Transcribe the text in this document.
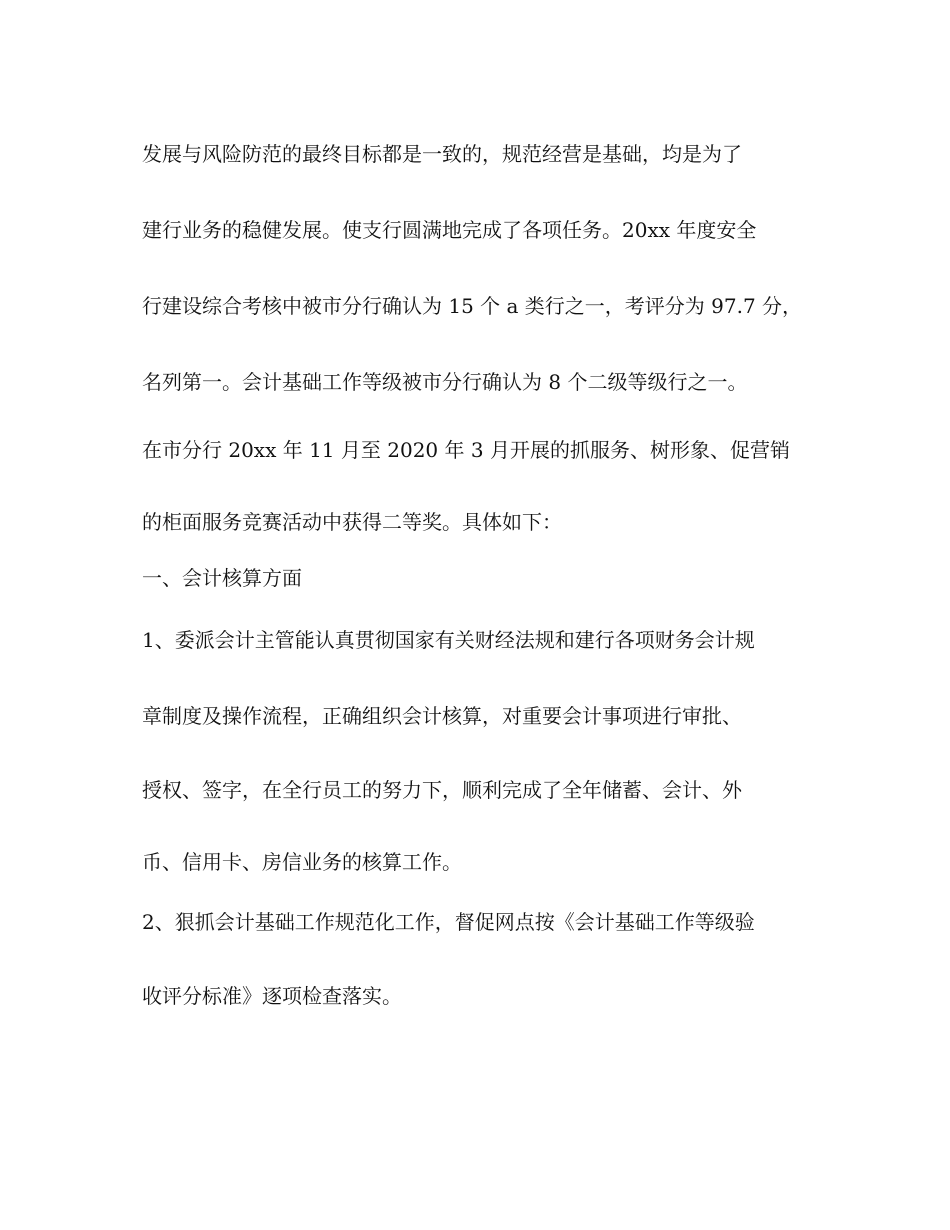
发展与风险防范的最终目标都是一致的，规范经营是基础，均是为了
建行业务的稳健发展。使支行圆满地完成了各项任务。20xx 年度安全
行建设综合考核中被市分行确认为 15 个 a 类行之一，考评分为 97.7 分，
名列第一。会计基础工作等级被市分行确认为 8 个二级等级行之一。
在市分行 20xx 年 11 月至 2020 年 3 月开展的抓服务、树形象、促营销
的柜面服务竞赛活动中获得二等奖。具体如下：
一、会计核算方面
1、委派会计主管能认真贯彻国家有关财经法规和建行各项财务会计规
章制度及操作流程，正确组织会计核算，对重要会计事项进行审批、
授权、签字，在全行员工的努力下，顺利完成了全年储蓄、会计、外
币、信用卡、房信业务的核算工作。
2、狠抓会计基础工作规范化工作，督促网点按《会计基础工作等级验
收评分标准》逐项检查落实。
